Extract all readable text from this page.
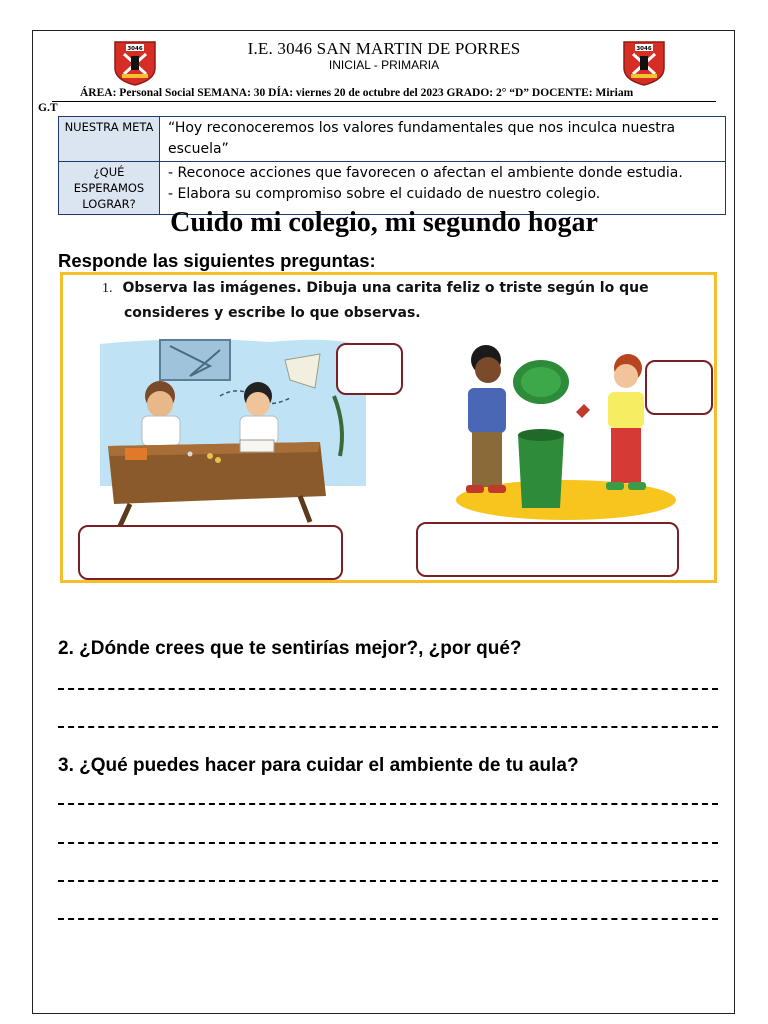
3046	3046
I.E. 3046 SAN MARTIN DE PORRES
INICIAL - PRIMARIA
ÁREA: Personal Social SEMANA: 30 DÍA: viernes 20 de octubre del 2023 GRADO: 2° “D” DOCENTE: Miriam
G.T
NUESTRA META	“Hoy reconoceremos los valores fundamentales que nos inculca nuestra escuela”
¿QUÉ ESPERAMOS LOGRAR?	- Reconoce acciones que favorecen o afectan el ambiente donde estudia.
- Elabora su compromiso sobre el cuidado de nuestro colegio.
Cuido mi colegio, mi segundo hogar
Responde las siguientes preguntas:
1. Observa las imágenes. Dibuja una carita feliz o triste según lo que
consideres y escribe lo que observas.
2. ¿Dónde crees que te sentirías mejor?, ¿por qué?
3. ¿Qué puedes hacer para cuidar el ambiente de tu aula?
